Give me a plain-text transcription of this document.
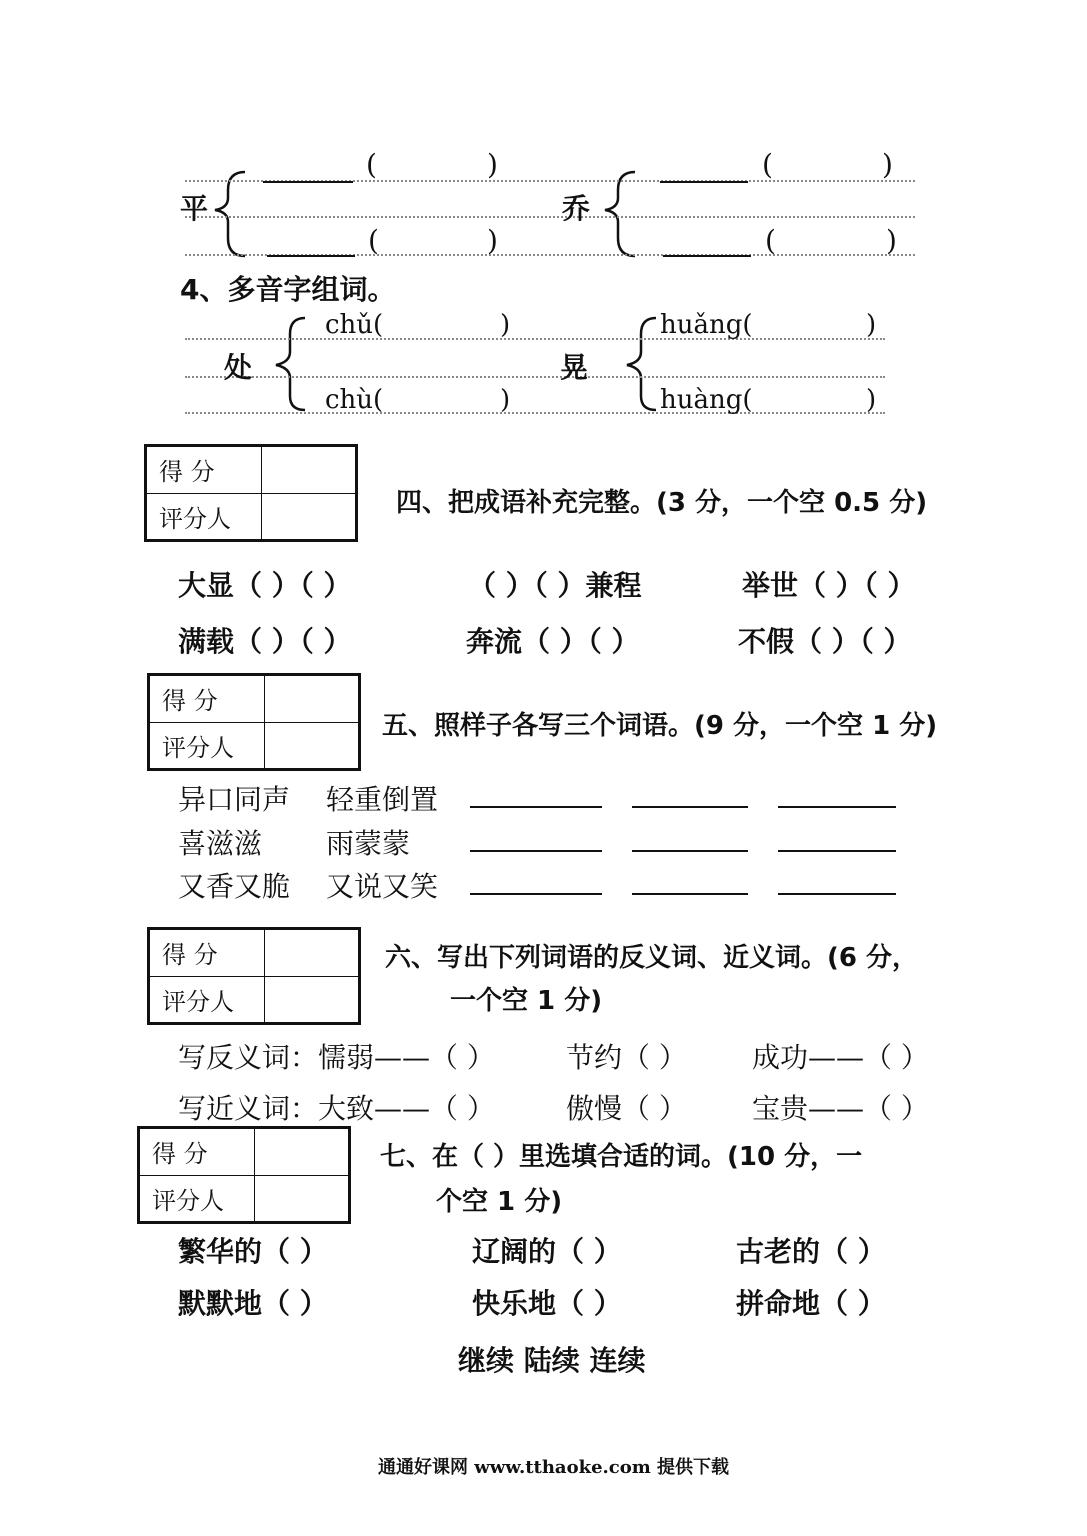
(	)
平
(	)
(	)
乔
(	)
4、多音字组词。
chǔ(	)
处
chù(	)
huǎng(	)
晃
huàng(	)
得 分	
评分人	
四、把成语补充完整。(3 分，一个空 0.5 分)
大显（ ）（ ）	（ ）（ ）兼程	举世（ ）（ ）
满载（ ）（ ）	奔流（ ）（ ）	不假（ ）（ ）
得 分	
评分人	
五、照样子各写三个词语。(9 分，一个空 1 分)
异口同声 轻重倒置
喜滋滋 雨蒙蒙
又香又脆 又说又笑
得 分	
评分人	
六、写出下列词语的反义词、近义词。(6 分，
一个空 1 分)
写反义词：懦弱——（ ）	节约（ ） 成功——（ ）
写近义词：大致——（ ）	傲慢（ ） 宝贵——（ ）
得 分	
评分人	
七、在（ ）里选填合适的词。(10 分，一
个空 1 分)
繁华的（ ）	辽阔的（ ）	古老的（ ）
默默地（ ）	快乐地（ ）	拼命地（ ）
继续 陆续 连续
通通好课网 www.tthaoke.com 提供下载
